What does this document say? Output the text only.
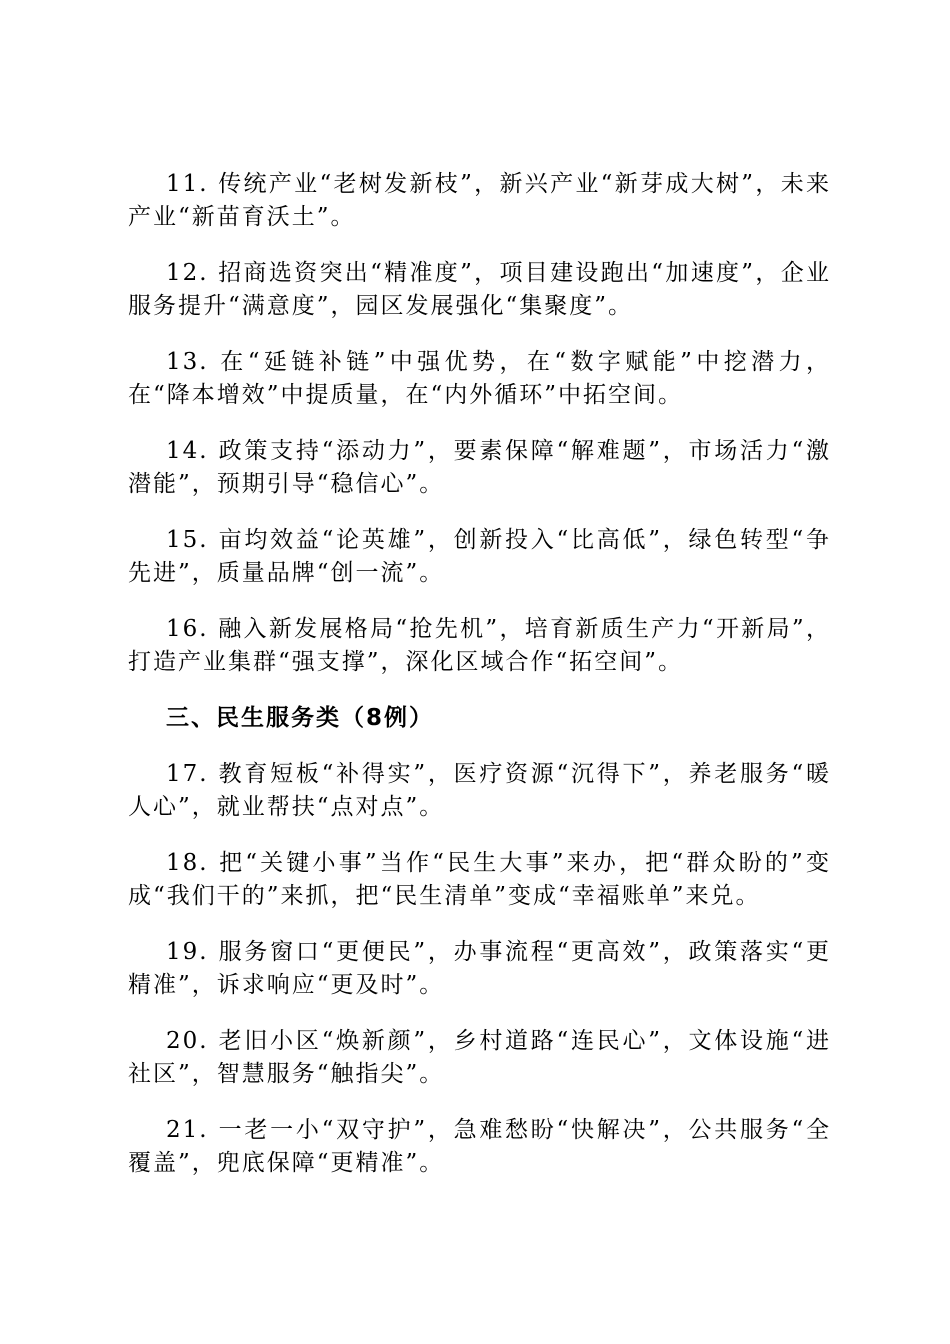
11. 传统产业“老树发新枝”，新兴产业“新芽成大树”，未来产业“新苗育沃土”。

12. 招商选资突出“精准度”，项目建设跑出“加速度”，企业服务提升“满意度”，园区发展强化“集聚度”。

13. 在“延链补链”中强优势，在“数字赋能”中挖潜力，在“降本增效”中提质量，在“内外循环”中拓空间。

14. 政策支持“添动力”，要素保障“解难题”，市场活力“激潜能”，预期引导“稳信心”。

15. 亩均效益“论英雄”，创新投入“比高低”，绿色转型“争先进”，质量品牌“创一流”。

16. 融入新发展格局“抢先机”，培育新质生产力“开新局”，打造产业集群“强支撑”，深化区域合作“拓空间”。

三、民生服务类（8例）

17. 教育短板“补得实”，医疗资源“沉得下”，养老服务“暖人心”，就业帮扶“点对点”。

18. 把“关键小事”当作“民生大事”来办，把“群众盼的”变成“我们干的”来抓，把“民生清单”变成“幸福账单”来兑。

19. 服务窗口“更便民”，办事流程“更高效”，政策落实“更精准”，诉求响应“更及时”。

20. 老旧小区“焕新颜”，乡村道路“连民心”，文体设施“进社区”，智慧服务“触指尖”。

21. 一老一小“双守护”，急难愁盼“快解决”，公共服务“全覆盖”，兜底保障“更精准”。
